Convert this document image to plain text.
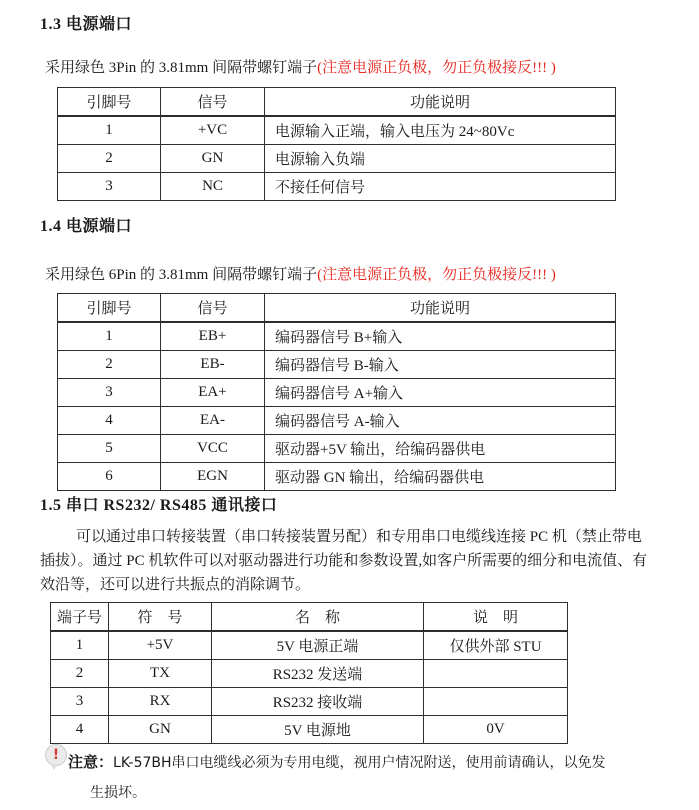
1.3 电源端口
采用绿色 3Pin 的 3.81mm 间隔带螺钉端子(注意电源正负极，勿正负极接反!!! )
引脚号	信号	功能说明
1	+VC	电源输入正端，输入电压为 24~80Vc
2	GN	电源输入负端
3	NC	不接任何信号
1.4 电源端口
采用绿色 6Pin 的 3.81mm 间隔带螺钉端子(注意电源正负极，勿正负极接反!!! )
引脚号	信号	功能说明
1	EB+	编码器信号 B+输入
2	EB-	编码器信号 B-输入
3	EA+	编码器信号 A+输入
4	EA-	编码器信号 A-输入
5	VCC	驱动器+5V 输出，给编码器供电
6	EGN	驱动器 GN 输出，给编码器供电
1.5 串口 RS232/ RS485 通讯接口
可以通过串口转接装置（串口转接装置另配）和专用串口电缆线连接 PC 机（禁止带电
插拔）。通过 PC 机软件可以对驱动器进行功能和参数设置,如客户所需要的细分和电流值、有
效沿等，还可以进行共振点的消除调节。
端子号	符　号	名　称	说　明
1	+5V	5V 电源正端	仅供外部 STU
2	TX	RS232 发送端	
3	RX	RS232 接收端	
4	GN	5V 电源地	0V
! 注意：LK-57BH串口电缆线必须为专用电缆，视用户情况附送，使用前请确认，以免发
生损坏。
